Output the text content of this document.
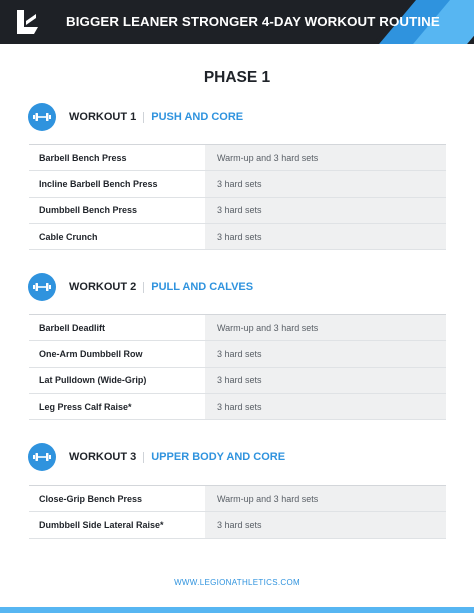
BIGGER LEANER STRONGER 4-DAY WORKOUT ROUTINE
PHASE 1
WORKOUT 1 PUSH AND CORE
Barbell Bench Press	Warm-up and 3 hard sets
Incline Barbell Bench Press	3 hard sets
Dumbbell Bench Press	3 hard sets
Cable Crunch	3 hard sets
WORKOUT 2 PULL AND CALVES
Barbell Deadlift	Warm-up and 3 hard sets
One-Arm Dumbbell Row	3 hard sets
Lat Pulldown (Wide-Grip)	3 hard sets
Leg Press Calf Raise*	3 hard sets
WORKOUT 3 UPPER BODY AND CORE
Close-Grip Bench Press	Warm-up and 3 hard sets
Dumbbell Side Lateral Raise*	3 hard sets
WWW.LEGIONATHLETICS.COM
